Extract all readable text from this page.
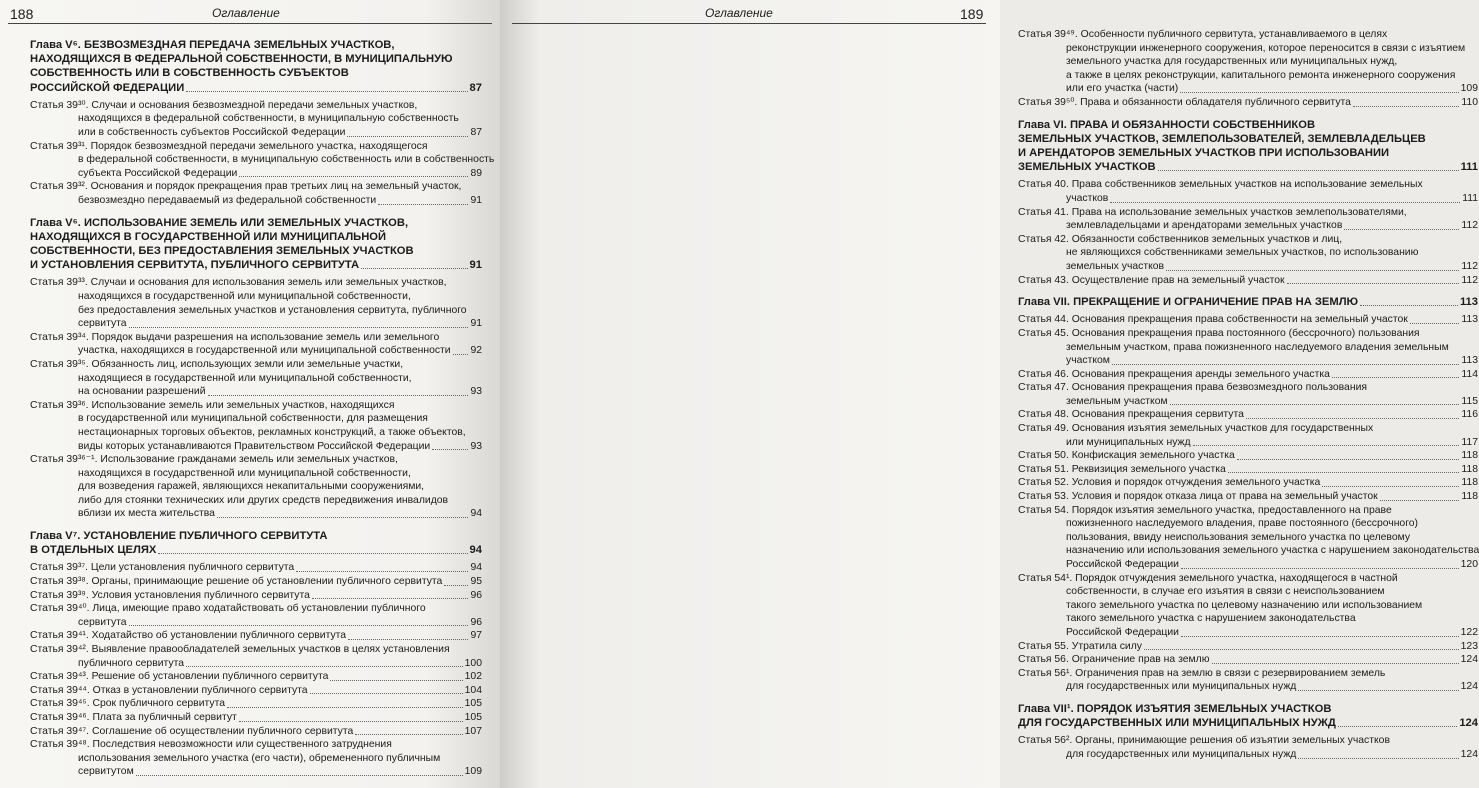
188	Оглавление
Глава V⁶. БЕЗВОЗМЕЗДНАЯ ПЕРЕДАЧА ЗЕМЕЛЬНЫХ УЧАСТКОВ,
НАХОДЯЩИХСЯ В ФЕДЕРАЛЬНОЙ СОБСТВЕННОСТИ, В МУНИЦИПАЛЬНУЮ
СОБСТВЕННОСТЬ ИЛИ В СОБСТВЕННОСТЬ СУБЪЕКТОВ
РОССИЙСКОЙ ФЕДЕРАЦИИ	87
Статья 39³⁰. Случаи и основания безвозмездной передачи земельных участков,
находящихся в федеральной собственности, в муниципальную собственность
или в собственность субъектов Российской Федерации	87
Статья 39³¹. Порядок безвозмездной передачи земельного участка, находящегося
в федеральной собственности, в муниципальную собственность или в собственность
субъекта Российской Федерации	89
Статья 39³². Основания и порядок прекращения прав третьих лиц на земельный участок,
безвозмездно передаваемый из федеральной собственности	91
Глава V⁶. ИСПОЛЬЗОВАНИЕ ЗЕМЕЛЬ ИЛИ ЗЕМЕЛЬНЫХ УЧАСТКОВ,
НАХОДЯЩИХСЯ В ГОСУДАРСТВЕННОЙ ИЛИ МУНИЦИПАЛЬНОЙ
СОБСТВЕННОСТИ, БЕЗ ПРЕДОСТАВЛЕНИЯ ЗЕМЕЛЬНЫХ УЧАСТКОВ
И УСТАНОВЛЕНИЯ СЕРВИТУТА, ПУБЛИЧНОГО СЕРВИТУТА	91
Статья 39³³. Случаи и основания для использования земель или земельных участков,
находящихся в государственной или муниципальной собственности,
без предоставления земельных участков и установления сервитута, публичного
сервитута	91
Статья 39³⁴. Порядок выдачи разрешения на использование земель или земельного
участка, находящихся в государственной или муниципальной собственности 92
Статья 39³⁵. Обязанность лиц, использующих земли или земельные участки,
находящиеся в государственной или муниципальной собственности,
на основании разрешений	93
Статья 39³⁶. Использование земель или земельных участков, находящихся
в государственной или муниципальной собственности, для размещения
нестационарных торговых объектов, рекламных конструкций, а также объектов,
виды которых устанавливаются Правительством Российской Федерации	93
Статья 39³⁶⁻¹. Использование гражданами земель или земельных участков,
находящихся в государственной или муниципальной собственности,
для возведения гаражей, являющихся некапитальными сооружениями,
либо для стоянки технических или других средств передвижения инвалидов
вблизи их места жительства	94
Глава V⁷. УСТАНОВЛЕНИЕ ПУБЛИЧНОГО СЕРВИТУТА
В ОТДЕЛЬНЫХ ЦЕЛЯХ	94
Статья 39³⁷. Цели установления публичного сервитута	94
Статья 39³⁸. Органы, принимающие решение об установлении публичного сервитута	95
Статья 39³⁹. Условия установления публичного сервитута	96
Статья 39⁴⁰. Лица, имеющие право ходатайствовать об установлении публичного
сервитута	96
Статья 39⁴¹. Ходатайство об установлении публичного сервитута	97
Статья 39⁴². Выявление правообладателей земельных участков в целях установления
публичного сервитута	100
Статья 39⁴³. Решение об установлении публичного сервитута	102
Статья 39⁴⁴. Отказ в установлении публичного сервитута	104
Статья 39⁴⁵. Срок публичного сервитута	105
Статья 39⁴⁶. Плата за публичный сервитут	105
Статья 39⁴⁷. Соглашение об осуществлении публичного сервитута	107
Статья 39⁴⁸. Последствия невозможности или существенного затруднения
использования земельного участка (его части), обремененного публичным
сервитутом	109
Оглавление	189
Статья 39⁴⁹. Особенности публичного сервитута, устанавливаемого в целях
реконструкции инженерного сооружения, которое переносится в связи с изъятием
земельного участка для государственных или муниципальных нужд,
а также в целях реконструкции, капитального ремонта инженерного сооружения
или его участка (части)	109
Статья 39⁵⁰. Права и обязанности обладателя публичного сервитута	110
Глава VI. ПРАВА И ОБЯЗАННОСТИ СОБСТВЕННИКОВ
ЗЕМЕЛЬНЫХ УЧАСТКОВ, ЗЕМЛЕПОЛЬЗОВАТЕЛЕЙ, ЗЕМЛЕВЛАДЕЛЬЦЕВ
И АРЕНДАТОРОВ ЗЕМЕЛЬНЫХ УЧАСТКОВ ПРИ ИСПОЛЬЗОВАНИИ
ЗЕМЕЛЬНЫХ УЧАСТКОВ	111
Статья 40. Права собственников земельных участков на использование земельных
участков	111
Статья 41. Права на использование земельных участков землепользователями,
землевладельцами и арендаторами земельных участков	112
Статья 42. Обязанности собственников земельных участков и лиц,
не являющихся собственниками земельных участков, по использованию
земельных участков	112
Статья 43. Осуществление прав на земельный участок	112
Глава VII. ПРЕКРАЩЕНИЕ И ОГРАНИЧЕНИЕ ПРАВ НА ЗЕМЛЮ	113
Статья 44. Основания прекращения права собственности на земельный участок	113
Статья 45. Основания прекращения права постоянного (бессрочного) пользования
земельным участком, права пожизненного наследуемого владения земельным
участком	113
Статья 46. Основания прекращения аренды земельного участка	114
Статья 47. Основания прекращения права безвозмездного пользования
земельным участком	115
Статья 48. Основания прекращения сервитута	116
Статья 49. Основания изъятия земельных участков для государственных
или муниципальных нужд	117
Статья 50. Конфискация земельного участка	118
Статья 51. Реквизиция земельного участка	118
Статья 52. Условия и порядок отчуждения земельного участка	118
Статья 53. Условия и порядок отказа лица от права на земельный участок	118
Статья 54. Порядок изъятия земельного участка, предоставленного на праве
пожизненного наследуемого владения, праве постоянного (бессрочного)
пользования, ввиду неиспользования земельного участка по целевому
назначению или использования земельного участка с нарушением законодательства
Российской Федерации	120
Статья 54¹. Порядок отчуждения земельного участка, находящегося в частной
собственности, в случае его изъятия в связи с неиспользованием
такого земельного участка по целевому назначению или использованием
такого земельного участка с нарушением законодательства
Российской Федерации	122
Статья 55. Утратила силу	123
Статья 56. Ограничение прав на землю	124
Статья 56¹. Ограничения прав на землю в связи с резервированием земель
для государственных или муниципальных нужд	124
Глава VII¹. ПОРЯДОК ИЗЪЯТИЯ ЗЕМЕЛЬНЫХ УЧАСТКОВ
ДЛЯ ГОСУДАРСТВЕННЫХ ИЛИ МУНИЦИПАЛЬНЫХ НУЖД	124
Статья 56². Органы, принимающие решения об изъятии земельных участков
для государственных или муниципальных нужд	124
